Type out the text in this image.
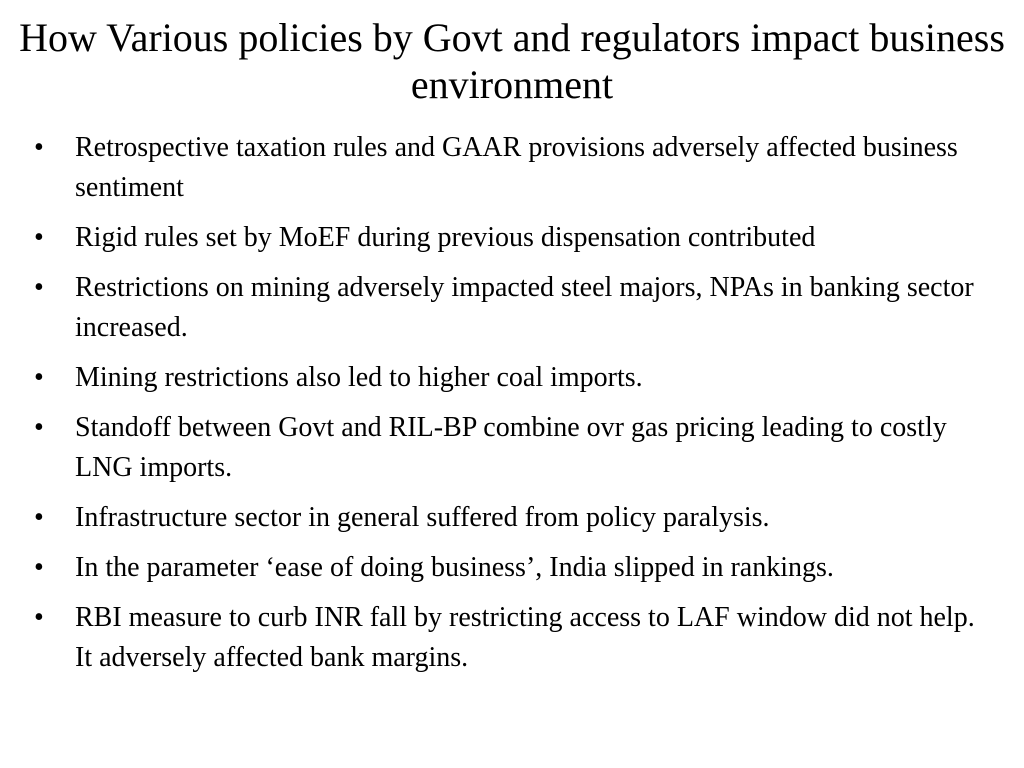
How Various policies by Govt and regulators impact business environment
•	Retrospective taxation rules and GAAR provisions adversely affected business sentiment
•	Rigid rules set by MoEF during previous dispensation contributed
•	Restrictions on mining adversely impacted steel majors, NPAs in banking sector increased.
•	Mining restrictions also led to higher coal imports.
•	Standoff between Govt and RIL-BP combine ovr gas pricing leading to costly LNG imports.
•	Infrastructure sector in general suffered from policy paralysis.
•	In the parameter ‘ease of doing business’, India slipped in rankings.
•	RBI measure to curb INR fall by restricting access to LAF window did not help. It adversely affected bank margins.
